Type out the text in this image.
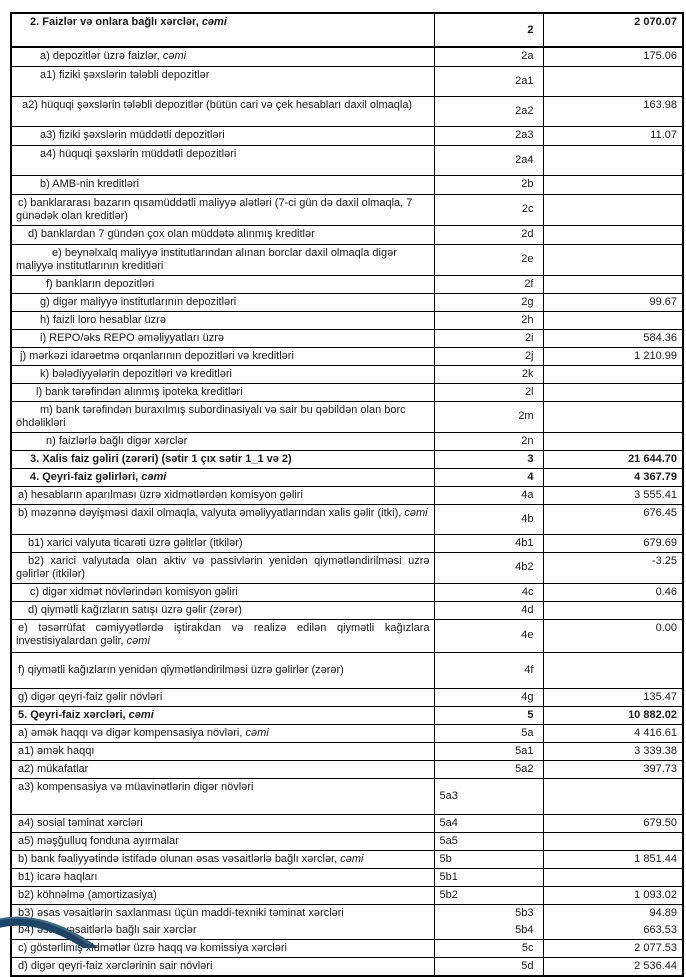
2. Faizlər və onlara bağlı xərclər, cəmi	2	2 070.07
a) depozitlər üzrə faizlər, cəmi	2a	175.06
a1) fiziki şəxslərin tələbli depozitlər	2a1	
a2) hüquqi şəxslərin tələbli depozitlər (bütün cari və çek hesabları daxil olmaqla)	2a2	163.98
a3) fiziki şəxslərin müddətli depozitləri	2a3	11.07
a4) hüquqi şəxslərin müddətli depozitləri	2a4	
b) AMB-nin kreditləri	2b	
c) banklararası bazarın qısamüddətli maliyyə alətləri (7-ci gün də daxil olmaqla, 7 günədək olan kreditlər)	2c	
d) banklardan 7 gündən çox olan müddətə alınmış kreditlər	2d	
e) beynəlxalq maliyyə institutlarından alınan borclar daxil olmaqla digər maliyyə institutlarının kreditləri	2e	
f) bankların depozitləri	2f	
g) digər maliyyə institutlarının depozitləri	2g	99.67
h) faizli loro hesablar üzrə	2h	
i) REPO/əks REPO əməliyyatları üzrə	2i	584.36
j) mərkəzi idarəetmə orqanlarının depozitləri və kreditləri	2j	1 210.99
k) bələdiyyələrin depozitləri və kreditləri	2k	
l) bank tərəfindən alınmış ipoteka kreditləri	2l	
m) bank tərəfindən buraxılmış subordinasiyalı və sair bu qəbildən olan borc öhdəlikləri	2m	
n) faizlərlə bağlı digər xərclər	2n	
3. Xalis faiz gəliri (zərəri) (sətir 1 çıx sətir 1_1 və 2)	3	21 644.70
4. Qeyri-faiz gəlirləri, cəmi	4	4 367.79
a) hesabların aparılması üzrə xidmətlərdən komisyon gəliri	4a	3 555.41
b) məzənnə dəyişməsi daxil olmaqla, valyuta əməliyyatlarından xalis gəlir (itki), cəmi	4b	676.45
b1) xarici valyuta ticarəti üzrə gəlirlər (itkilər)	4b1	679.69
b2) xarici valyutada olan aktiv və passivlərin yenidən qiymətləndirilməsi uzrə gəlirlər (itkilər)	4b2	-3.25
c) digər xidmət növlərindən komisyon gəliri	4c	0.46
d) qiymətli kağızların satışı üzrə gəlir (zərər)	4d	
e) təsərrüfat cəmiyyətlərdə iştirakdan və realizə edilən qiymətli kağızlara investisiyalardan gəlir, cəmi	4e	0.00
f) qiymətli kağızların yenidən qiymətləndirilməsi üzrə gəlirlər (zərər)	4f	
g) digər qeyri-faiz gəlir növləri	4g	135.47
5. Qeyri-faiz xərcləri, cəmi	5	10 882.02
a) əmək haqqı və digər kompensasiya növləri, cəmi	5a	4 416.61
a1) əmək haqqı	5a1	3 339.38
a2) mükafatlar	5a2	397.73
a3) kompensasiya və müavinətlərin digər növləri	5a3	
a4) sosial təminat xərcləri	5a4	679.50
a5) məşğulluq fonduna ayırmalar	5a5	
b) bank fəaliyyətində istifadə olunan əsas vəsaitlərlə bağlı xərclər, cəmi	5b	1 851.44
b1) icarə haqları	5b1	
b2) köhnəlmə (amortizasiya)	5b2	1 093.02
b3) əsas vəsaitlərin saxlanması üçün maddi-texniki təminat xərcləri	5b3	94.89
b4) əsas vəsaitlərlə bağlı sair xərclər	5b4	663.53
c) göstərlimiş xidmətlər üzrə haqq və komissiya xərcləri	5c	2 077.53
d) digər qeyri-faiz xərclərinin sair növləri	5d	2 536.44
